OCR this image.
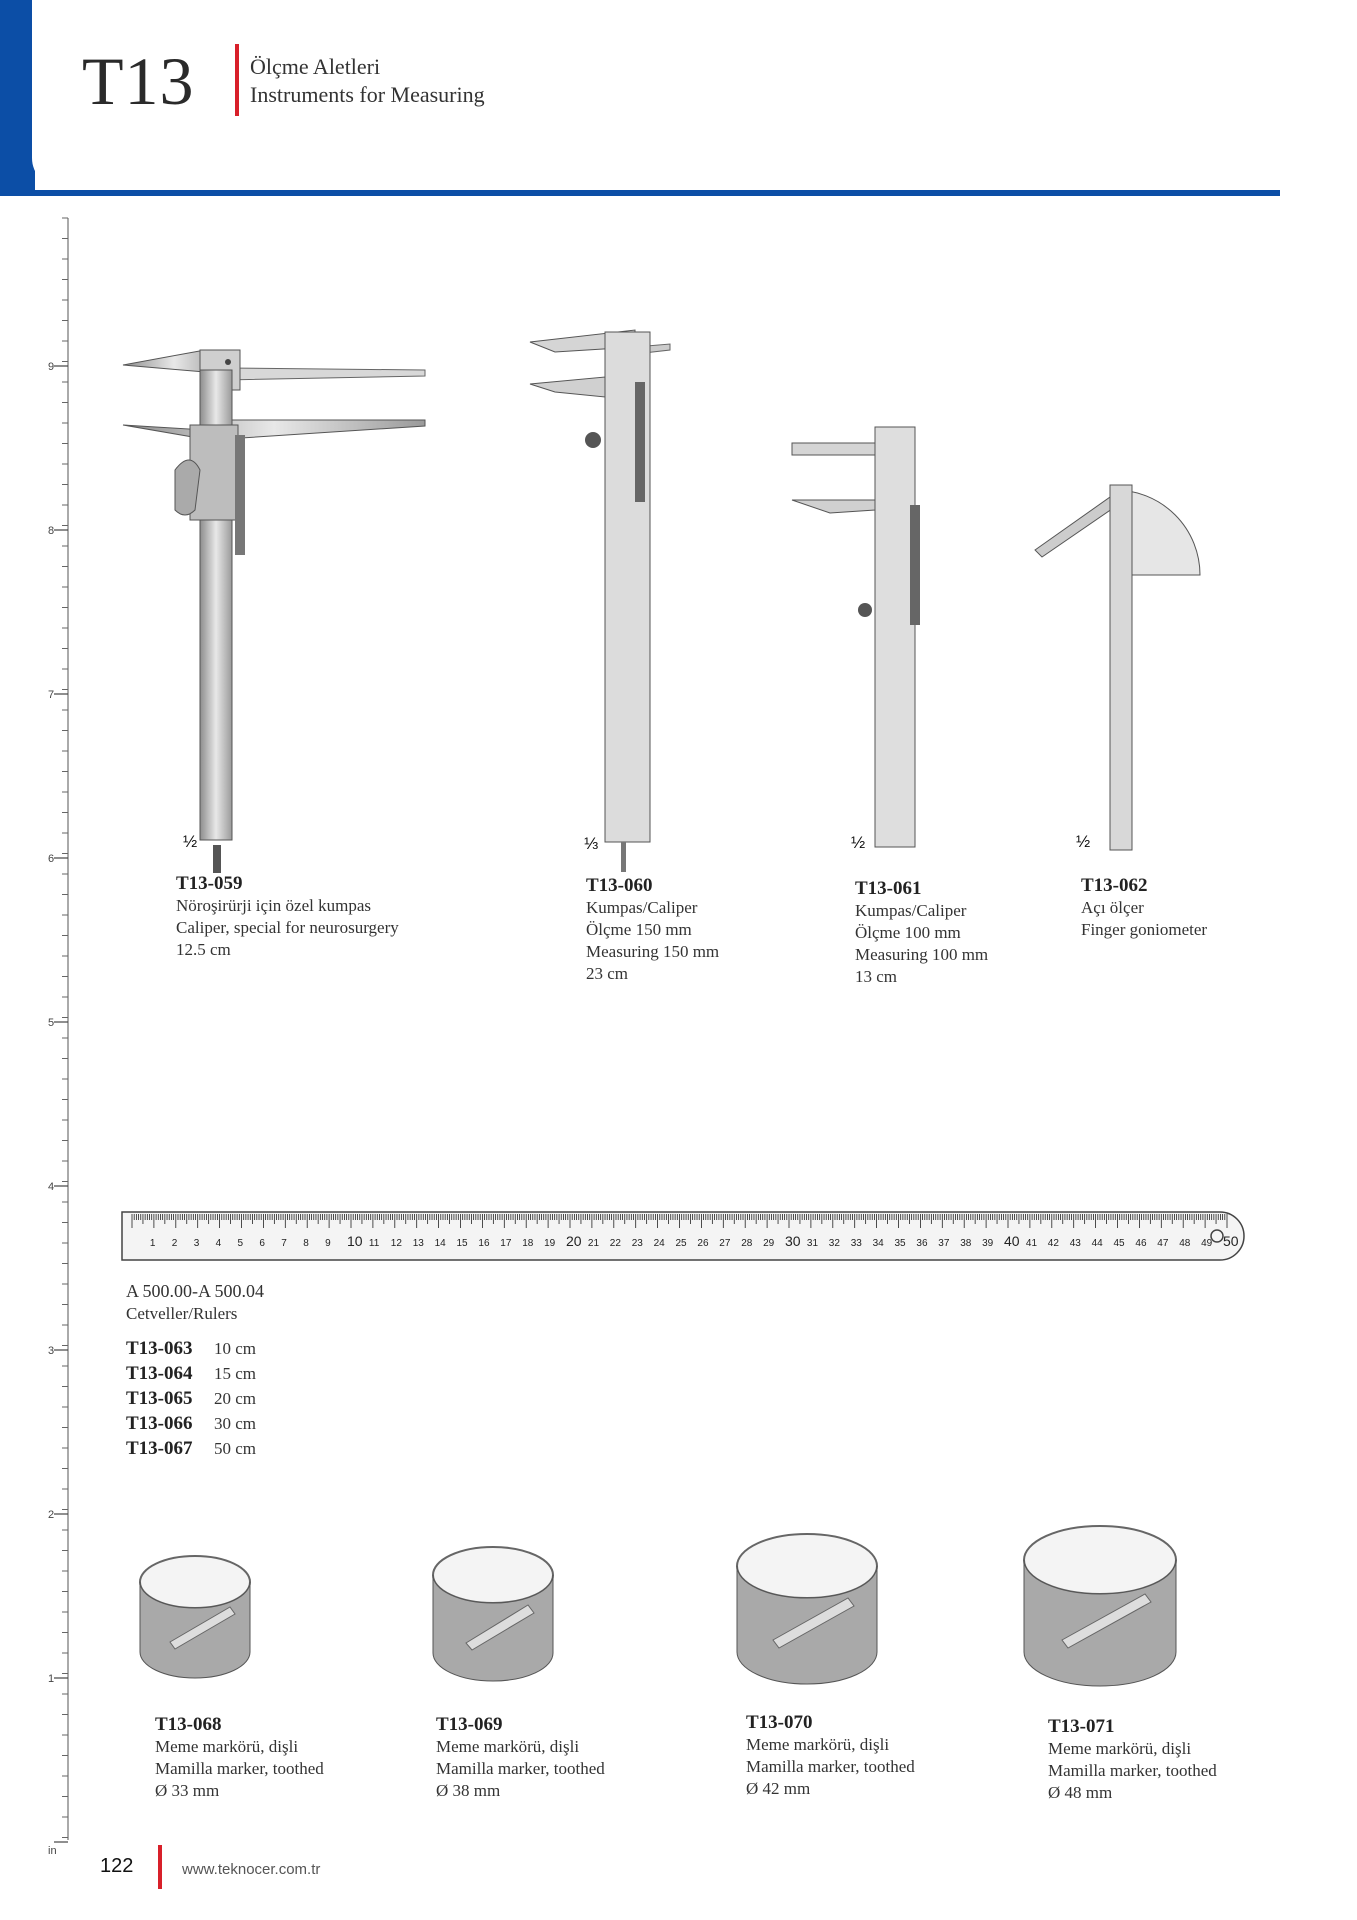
T13	Ölçme Aletleri
Instruments for Measuring
9
8
7
6
5
4
3
2
1
in
½	⅓	½	½
T13-059
Nöroşirürji için özel kumpas
Caliper, special for neurosurgery
12.5 cm
T13-060
Kumpas/Caliper
Ölçme 150 mm
Measuring 150 mm
23 cm
T13-061
Kumpas/Caliper
Ölçme 100 mm
Measuring 100 mm
13 cm
T13-062
Açı ölçer
Finger goniometer
1 2 3 4 5 6 7 8 9 10 11 12 13 14 15 16 17 18 19 20 21 22 23 24 25 26 27 28 29 30 31 32 33 34 35 36 37 38 39 40 41 42 43 44 45 46 47 48 49 50
A 500.00-A 500.04
Cetveller/Rulers
T13-063 10 cm
T13-064 15 cm
T13-065 20 cm
T13-066 30 cm
T13-067 50 cm
T13-068
Meme markörü, dişli
Mamilla marker, toothed
Ø 33 mm
T13-069
Meme markörü, dişli
Mamilla marker, toothed
Ø 38 mm
T13-070
Meme markörü, dişli
Mamilla marker, toothed
Ø 42 mm
T13-071
Meme markörü, dişli
Mamilla marker, toothed
Ø 48 mm
122	www.teknocer.com.tr
